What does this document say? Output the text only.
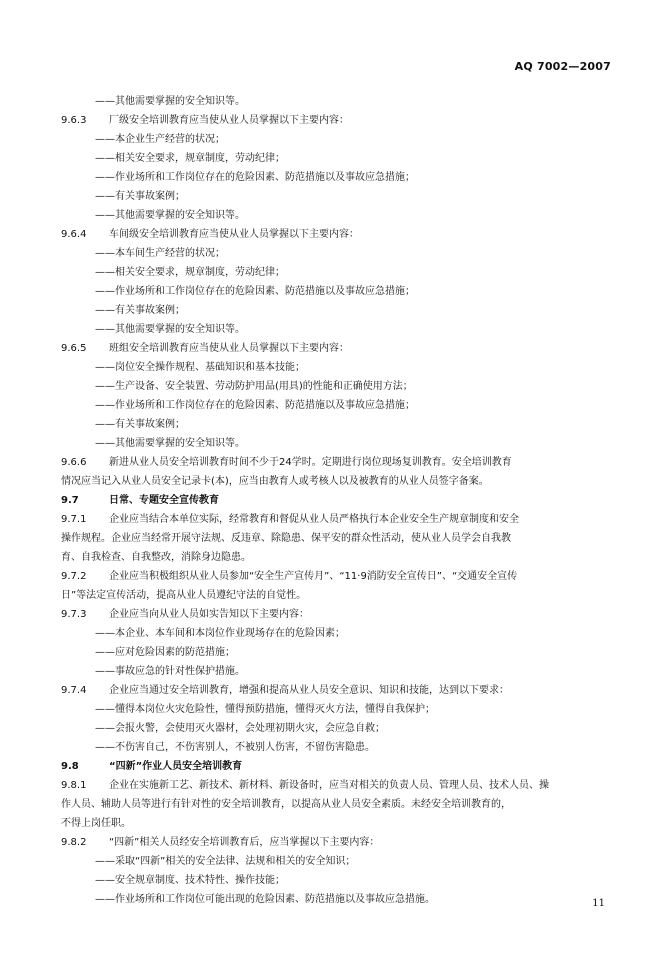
AQ 7002—2007
——其他需要掌握的安全知识等。
9.6.3 厂级安全培训教育应当使从业人员掌握以下主要内容：
——本企业生产经营的状况；
——相关安全要求，规章制度，劳动纪律；
——作业场所和工作岗位存在的危险因素、防范措施以及事故应急措施；
——有关事故案例；
——其他需要掌握的安全知识等。
9.6.4 车间级安全培训教育应当使从业人员掌握以下主要内容：
——本车间生产经营的状况；
——相关安全要求，规章制度，劳动纪律；
——作业场所和工作岗位存在的危险因素、防范措施以及事故应急措施；
——有关事故案例；
——其他需要掌握的安全知识等。
9.6.5 班组安全培训教育应当使从业人员掌握以下主要内容：
——岗位安全操作规程、基础知识和基本技能；
——生产设备、安全装置、劳动防护用品(用具)的性能和正确使用方法；
——作业场所和工作岗位存在的危险因素、防范措施以及事故应急措施；
——有关事故案例；
——其他需要掌握的安全知识等。
9.6.6 新进从业人员安全培训教育时间不少于24学时。定期进行岗位现场复训教育。安全培训教育
情况应当记入从业人员安全记录卡(本)，应当由教育人或考核人以及被教育的从业人员签字备案。
9.7	日常、专题安全宣传教育
9.7.1 企业应当结合本单位实际，经常教育和督促从业人员严格执行本企业安全生产规章制度和安全
操作规程。企业应当经常开展守法规、反违章、除隐患、保平安的群众性活动，使从业人员学会自我教
育、自我检查、自我整改，消除身边隐患。
9.7.2 企业应当积极组织从业人员参加“安全生产宣传月”、“11·9消防安全宣传日”、“交通安全宣传
日”等法定宣传活动，提高从业人员遵纪守法的自觉性。
9.7.3 企业应当向从业人员如实告知以下主要内容：
——本企业、本车间和本岗位作业现场存在的危险因素；
——应对危险因素的防范措施；
——事故应急的针对性保护措施。
9.7.4 企业应当通过安全培训教育，增强和提高从业人员安全意识、知识和技能，达到以下要求：
——懂得本岗位火灾危险性，懂得预防措施，懂得灭火方法，懂得自我保护；
——会报火警，会使用灭火器材，会处理初期火灾，会应急自救；
——不伤害自己，不伤害别人，不被别人伤害，不留伤害隐患。
9.8	“四新”作业人员安全培训教育
9.8.1 企业在实施新工艺、新技术、新材料、新设备时，应当对相关的负责人员、管理人员、技术人员、操
作人员、辅助人员等进行有针对性的安全培训教育，以提高从业人员安全素质。未经安全培训教育的，
不得上岗任职。
9.8.2 “四新”相关人员经安全培训教育后，应当掌握以下主要内容：
——采取“四新”相关的安全法律、法规和相关的安全知识；
——安全规章制度、技术特性、操作技能；
——作业场所和工作岗位可能出现的危险因素、防范措施以及事故应急措施。	11
